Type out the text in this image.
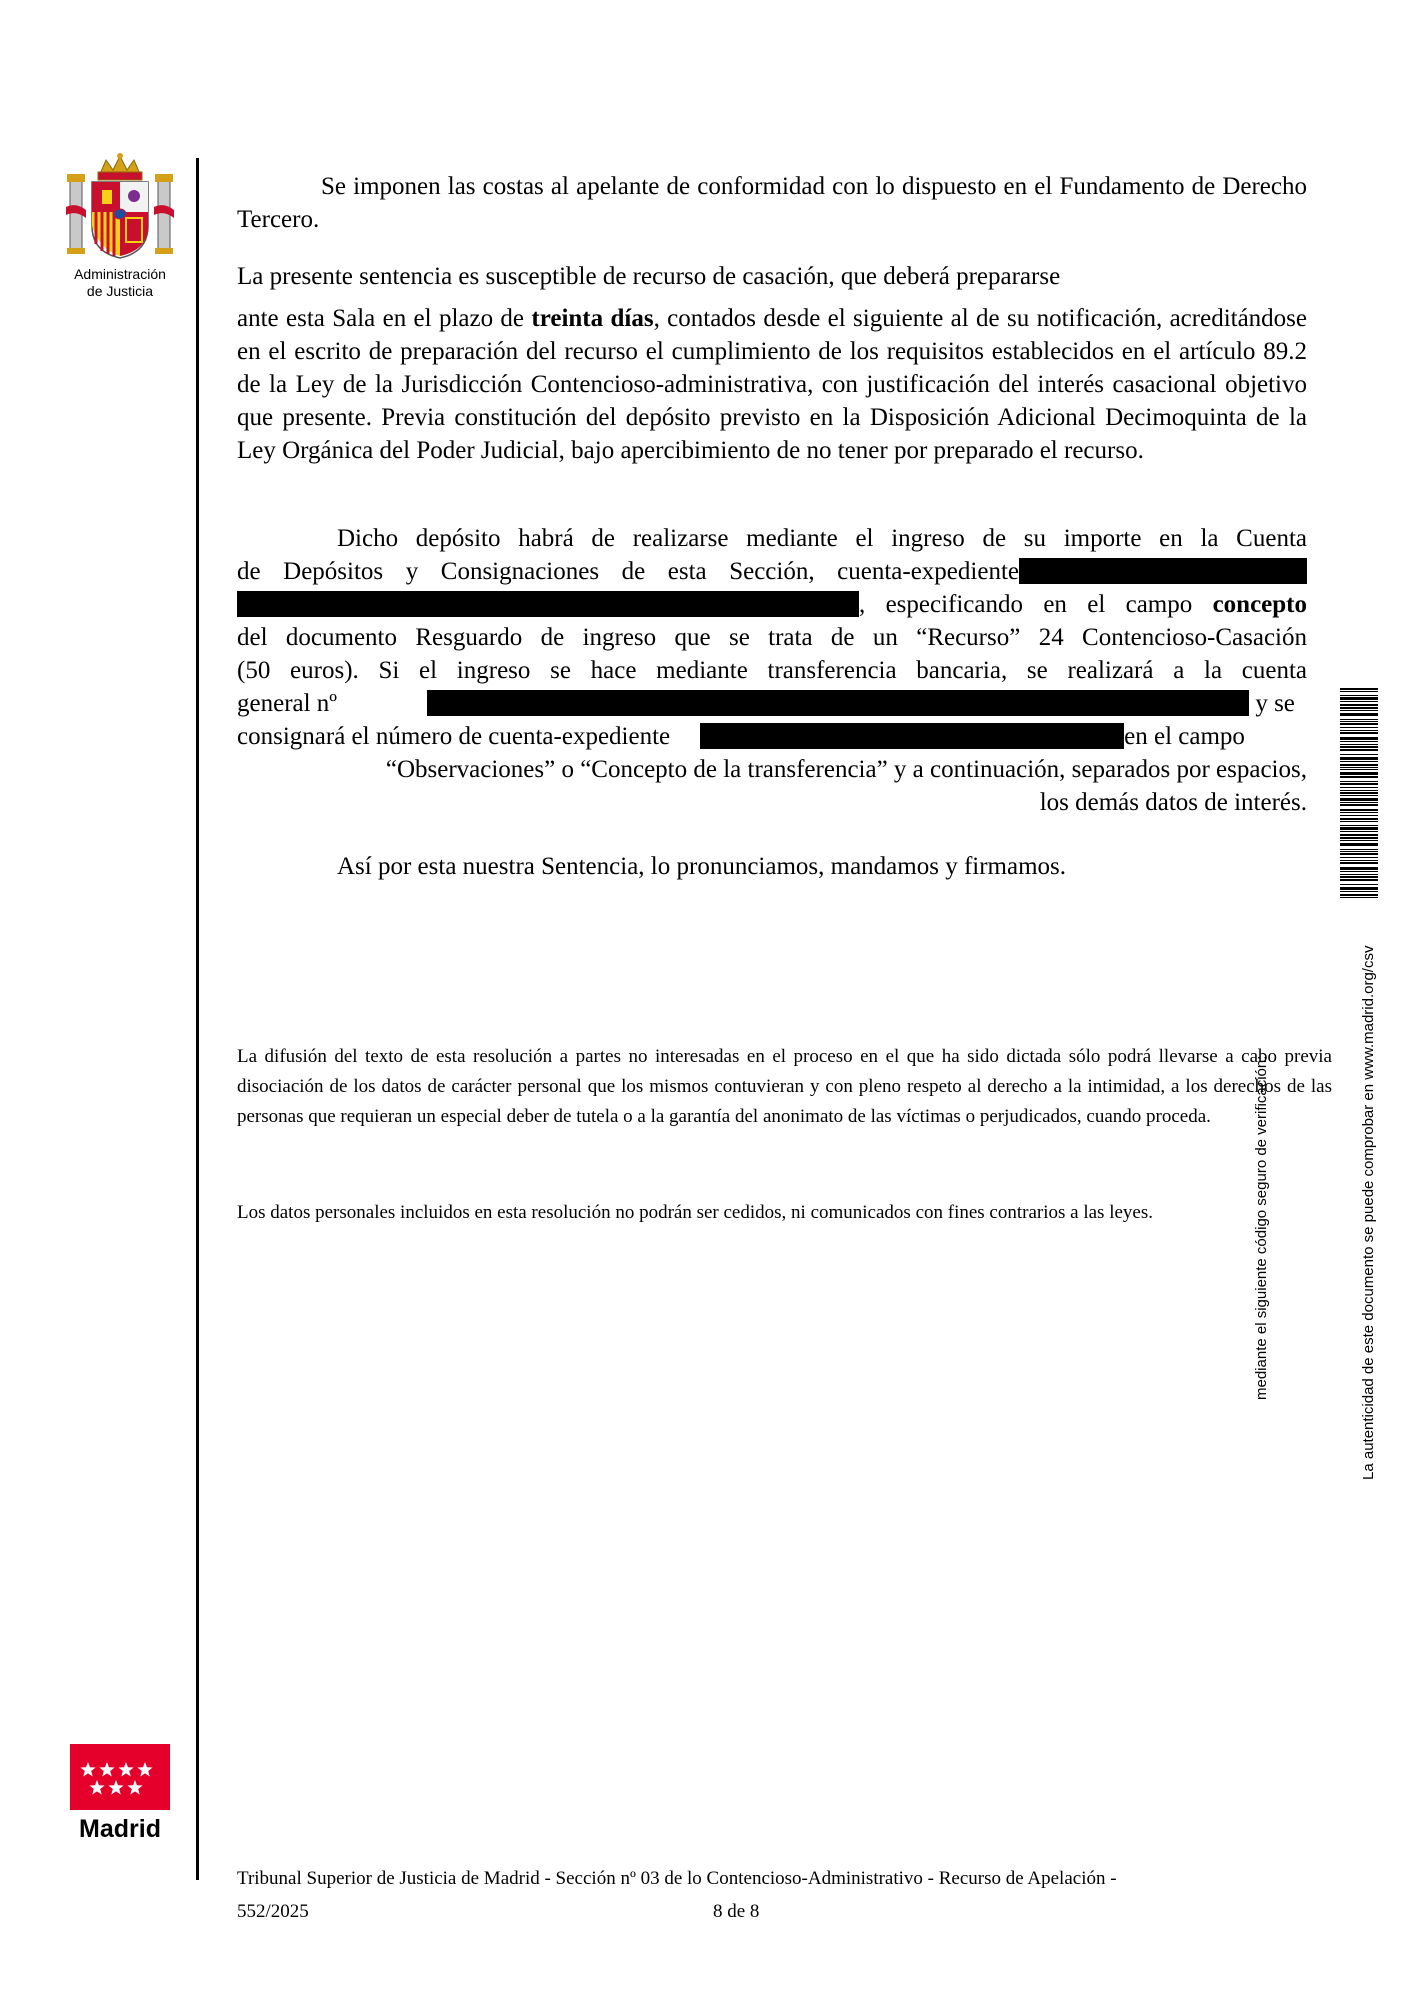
Administración
de Justicia
Se imponen las costas al apelante de conformidad con lo dispuesto en el Fundamento de Derecho Tercero.
La presente sentencia es susceptible de recurso de casación, que deberá prepararse
ante esta Sala en el plazo de treinta días, contados desde el siguiente al de su notificación, acreditándose en el escrito de preparación del recurso el cumplimiento de los requisitos establecidos en el artículo 89.2 de la Ley de la Jurisdicción Contencioso-administrativa, con justificación del interés casacional objetivo que presente. Previa constitución del depósito previsto en la Disposición Adicional Decimoquinta de la Ley Orgánica del Poder Judicial, bajo apercibimiento de no tener por preparado el recurso.
Dicho depósito habrá de realizarse mediante el ingreso de su importe en la Cuenta
de Depósitos y Consignaciones de esta Sección, cuenta-expediente
, especificando en el campo concepto
del documento Resguardo de ingreso que se trata de un “Recurso” 24 Contencioso-Casación
(50 euros). Si el ingreso se hace mediante transferencia bancaria, se realizará a la cuenta
general nº	y se
consignará el número de cuenta-expediente	en el campo
“Observaciones” o “Concepto de la transferencia” y a continuación, separados por espacios,
los demás datos de interés.
Así por esta nuestra Sentencia, lo pronunciamos, mandamos y firmamos.
La difusión del texto de esta resolución a partes no interesadas en el proceso en el que ha sido dictada sólo podrá llevarse a cabo previa disociación de los datos de carácter personal que los mismos contuvieran y con pleno respeto al derecho a la intimidad, a los derechos de las personas que requieran un especial deber de tutela o a la garantía del anonimato de las víctimas o perjudicados, cuando proceda.
Los datos personales incluidos en esta resolución no podrán ser cedidos, ni comunicados con fines contrarios a las leyes.	mediante el siguiente código seguro de verificación:	La autenticidad de este documento se puede comprobar en www.madrid.org/csv
Madrid
Tribunal Superior de Justicia de Madrid - Sección nº 03 de lo Contencioso-Administrativo - Recurso de Apelación -
552/2025	8 de 8
